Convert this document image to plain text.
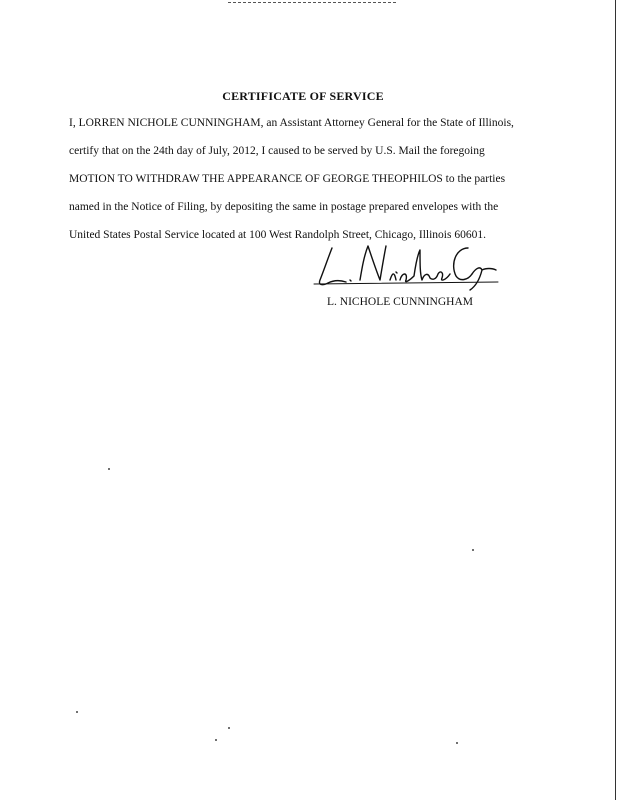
CERTIFICATE OF SERVICE
I, LORREN NICHOLE CUNNINGHAM, an Assistant Attorney General for the State of Illinois,
certify that on the 24th day of July, 2012, I caused to be served by U.S. Mail the foregoing
MOTION TO WITHDRAW THE APPEARANCE OF GEORGE THEOPHILOS to the parties
named in the Notice of Filing, by depositing the same in postage prepared envelopes with the
United States Postal Service located at 100 West Randolph Street, Chicago, Illinois 60601.
L. NICHOLE CUNNINGHAM
